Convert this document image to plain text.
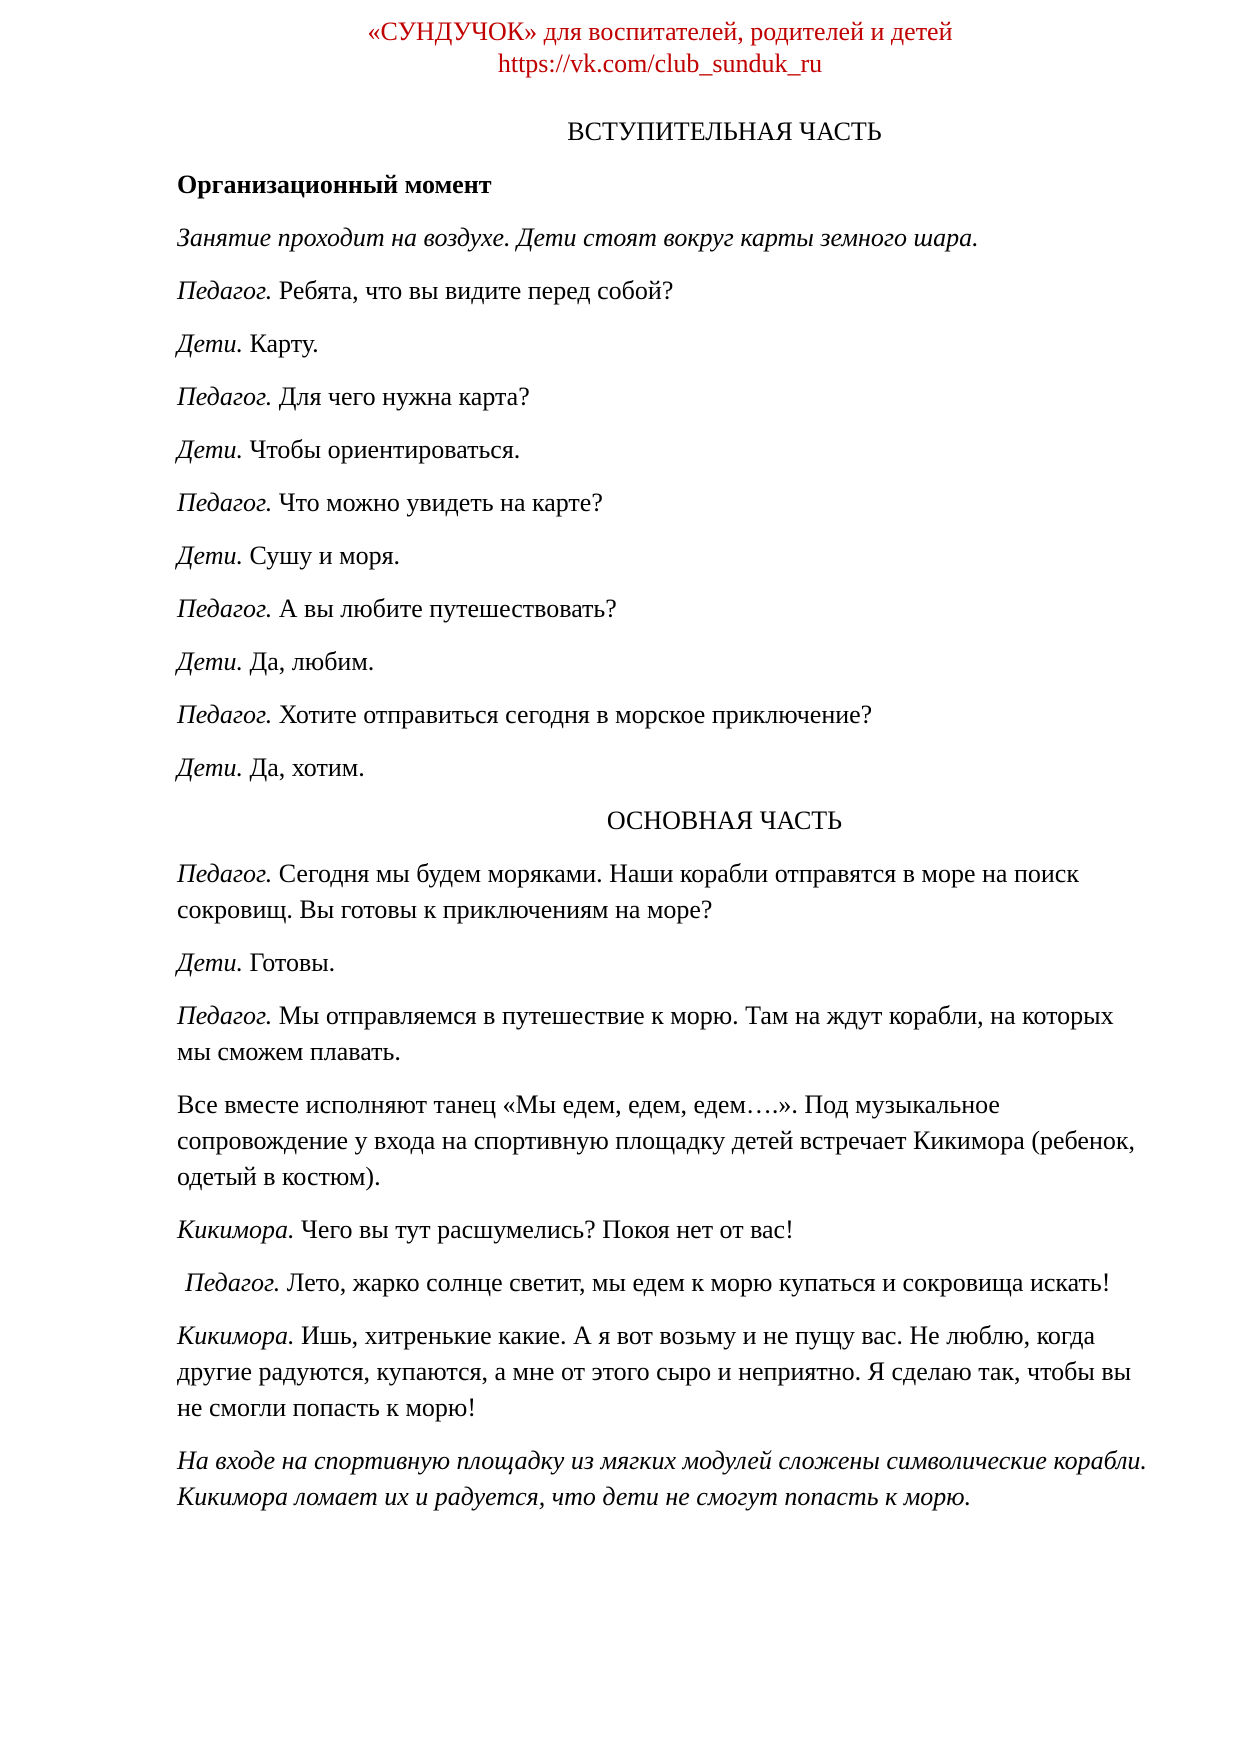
«СУНДУЧОК» для воспитателей, родителей и детей
https://vk.com/club_sunduk_ru

ВСТУПИТЕЛЬНАЯ ЧАСТЬ

Организационный момент

Занятие проходит на воздухе. Дети стоят вокруг карты земного шара.

Педагог. Ребята, что вы видите перед собой?

Дети. Карту.

Педагог. Для чего нужна карта?

Дети. Чтобы ориентироваться.

Педагог. Что можно увидеть на карте?

Дети. Сушу и моря.

Педагог. А вы любите путешествовать?

Дети. Да, любим.

Педагог. Хотите отправиться сегодня в морское приключение?

Дети. Да, хотим.

ОСНОВНАЯ ЧАСТЬ

Педагог. Сегодня мы будем моряками. Наши корабли отправятся в море на поиск сокровищ. Вы готовы к приключениям на море?

Дети. Готовы.

Педагог. Мы отправляемся в путешествие к морю. Там на ждут корабли, на которых мы сможем плавать.

Все вместе исполняют танец «Мы едем, едем, едем….». Под музыкальное сопровождение у входа на спортивную площадку детей встречает Кикимора (ребенок, одетый в костюм).

Кикимора. Чего вы тут расшумелись? Покоя нет от вас!

Педагог. Лето, жарко солнце светит, мы едем к морю купаться и сокровища искать!

Кикимора. Ишь, хитренькие какие. А я вот возьму и не пущу вас. Не люблю, когда другие радуются, купаются, а мне от этого сыро и неприятно. Я сделаю так, чтобы вы не смогли попасть к морю!

На входе на спортивную площадку из мягких модулей сложены символические корабли. Кикимора ломает их и радуется, что дети не смогут попасть к морю.
